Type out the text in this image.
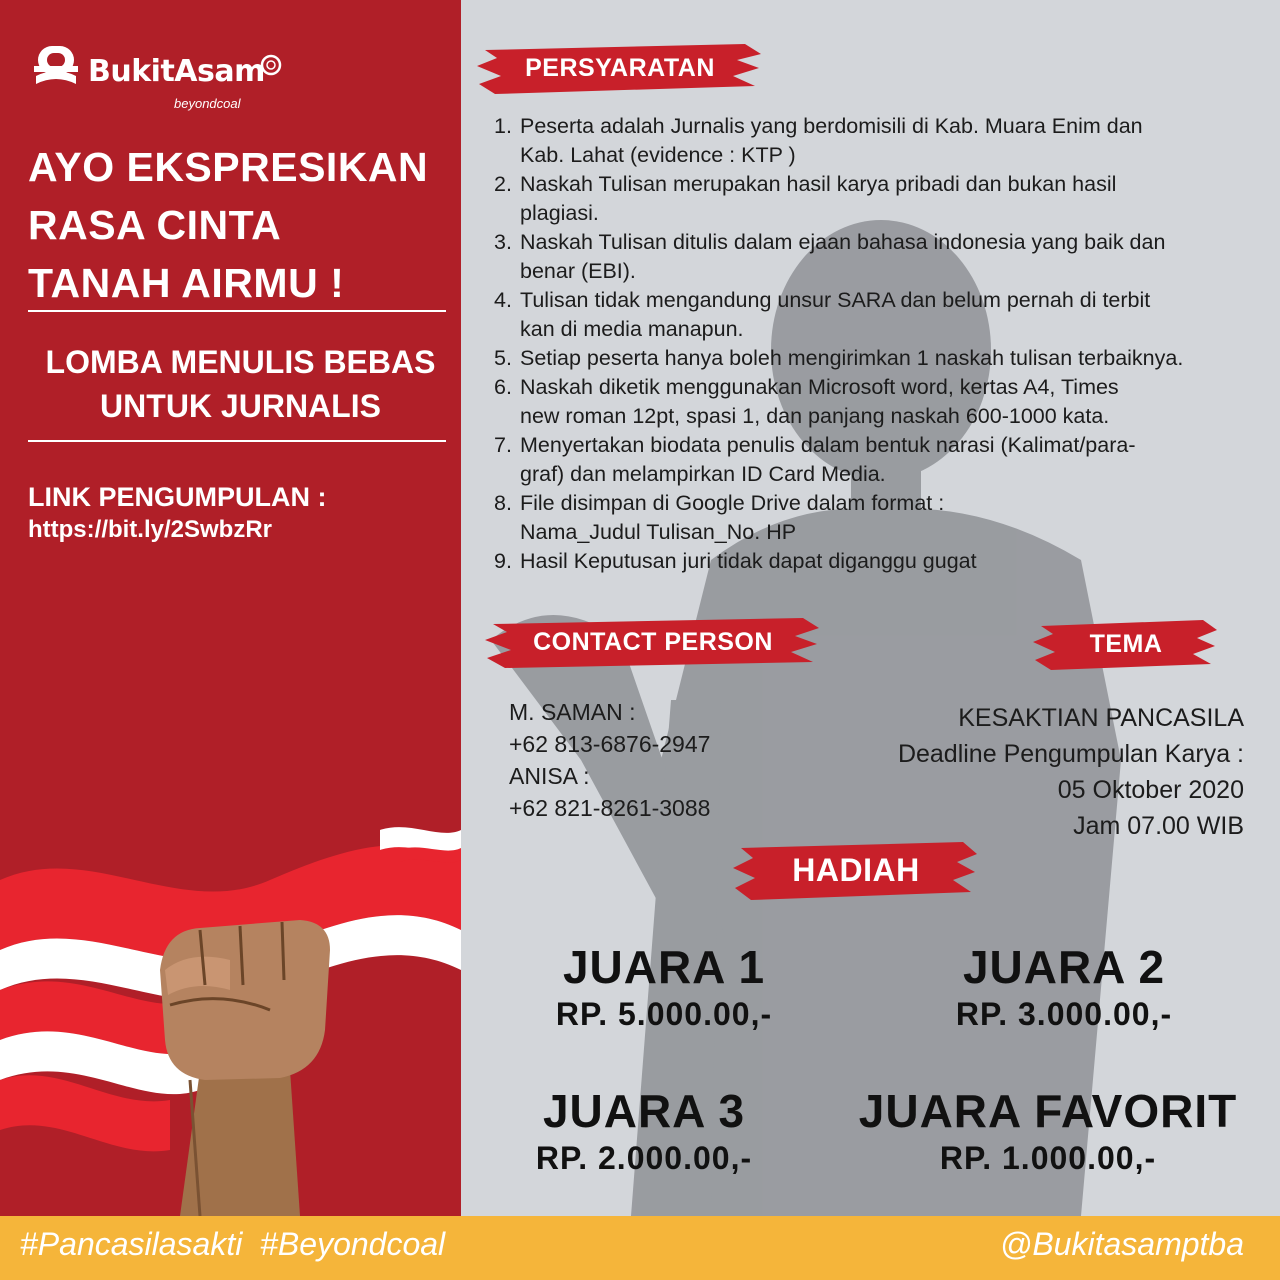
BukitAsam
beyondcoal
AYO EKSPRESIKAN
RASA CINTA
TANAH AIRMU !
LOMBA MENULIS BEBAS
UNTUK JURNALIS
LINK PENGUMPULAN :
https://bit.ly/2SwbzRr
PERSYARATAN
CONTACT PERSON	TEMA
HADIAH
1. Peserta adalah Jurnalis yang berdomisili di Kab. Muara Enim dan
Kab. Lahat (evidence : KTP )
2. Naskah Tulisan merupakan hasil karya pribadi dan bukan hasil
plagiasi.
3. Naskah Tulisan ditulis dalam ejaan bahasa indonesia yang baik dan
benar (EBI).
4. Tulisan tidak mengandung unsur SARA dan belum pernah di terbit
kan di media manapun.
5. Setiap peserta hanya boleh mengirimkan 1 naskah tulisan terbaiknya.
6. Naskah diketik menggunakan Microsoft word, kertas A4, Times
new roman 12pt, spasi 1, dan panjang naskah 600-1000 kata.
7. Menyertakan biodata penulis dalam bentuk narasi (Kalimat/para-
graf) dan melampirkan ID Card Media.
8. File disimpan di Google Drive dalam format :
Nama_Judul Tulisan_No. HP
9. Hasil Keputusan juri tidak dapat diganggu gugat
M. SAMAN :
+62 813-6876-2947
ANISA :
+62 821-8261-3088
KESAKTIAN PANCASILA
Deadline Pengumpulan Karya :
05 Oktober 2020
Jam 07.00 WIB
JUARA 1
RP. 5.000.00,-
JUARA 2
RP. 3.000.00,-
JUARA 3
RP. 2.000.00,-
JUARA FAVORIT
RP. 1.000.00,-
#Pancasilasakti  #Beyondcoal	@Bukitasamptba
